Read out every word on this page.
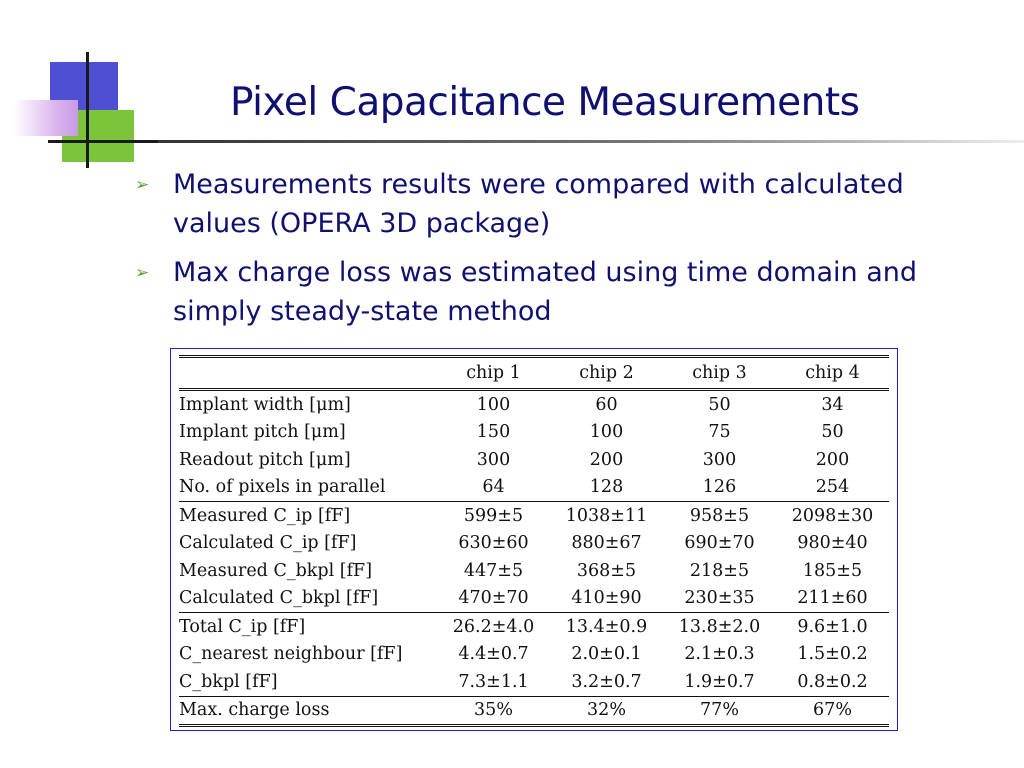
Pixel Capacitance Measurements
➢ Measurements results were compared with calculated values (OPERA 3D package)
➢ Max charge loss was estimated using time domain and simply steady-state method
	chip 1	chip 2	chip 3	chip 4
Implant width [μm]	100	60	50	34
Implant pitch [μm]	150	100	75	50
Readout pitch [μm]	300	200	300	200
No. of pixels in parallel	64	128	126	254
Measured C_ip [fF]	599±5	1038±11	958±5	2098±30
Calculated C_ip [fF]	630±60	880±67	690±70	980±40
Measured C_bkpl [fF]	447±5	368±5	218±5	185±5
Calculated C_bkpl [fF]	470±70	410±90	230±35	211±60
Total C_ip [fF]	26.2±4.0	13.4±0.9	13.8±2.0	9.6±1.0
C_nearest neighbour [fF]	4.4±0.7	2.0±0.1	2.1±0.3	1.5±0.2
C_bkpl [fF]	7.3±1.1	3.2±0.7	1.9±0.7	0.8±0.2
Max. charge loss	35%	32%	77%	67%
